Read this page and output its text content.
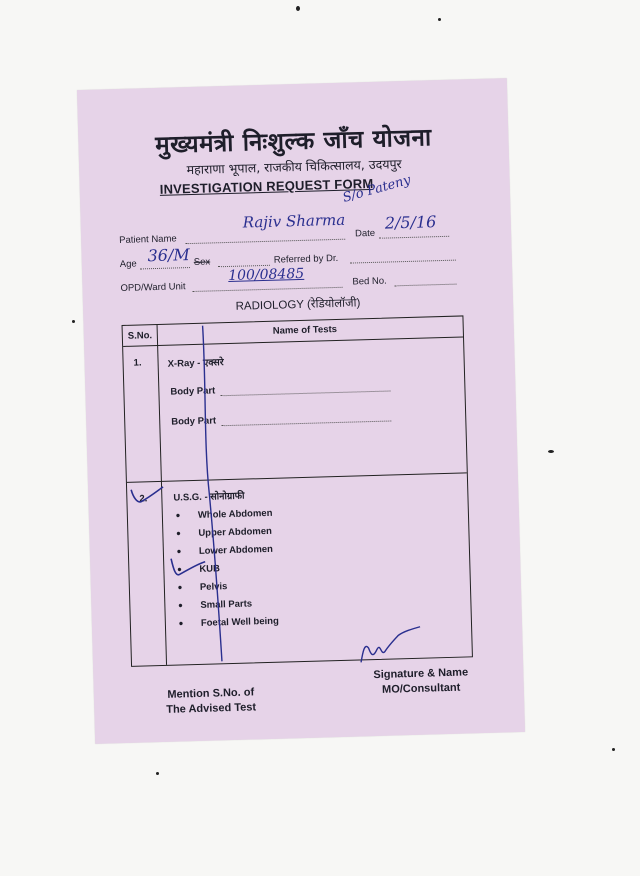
मुख्यमंत्री निःशुल्क जाँच योजना
महाराणा भूपाल, राजकीय चिकित्सालय, उदयपुर
INVESTIGATION REQUEST FORM
S/o Pateny
Patient Name
Rajiv Sharma
Date
2/5/16
Age 36/M Sex	Referred by Dr.
OPD/Ward Unit
100/08485	Bed No.
RADIOLOGY (रेडियोलॉजी)
S.No.	Name of Tests
1.	X-Ray - एक्सरे
Body Part
Body Part
2.	U.S.G. - सोनोग्राफी
• Whole Abdomen
• Upper Abdomen
• Lower Abdomen
• KUB
• Pelvis
• Small Parts
• Foetal Well being
Mention S.No. of
The Advised Test
Signature & Name
MO/Consultant
